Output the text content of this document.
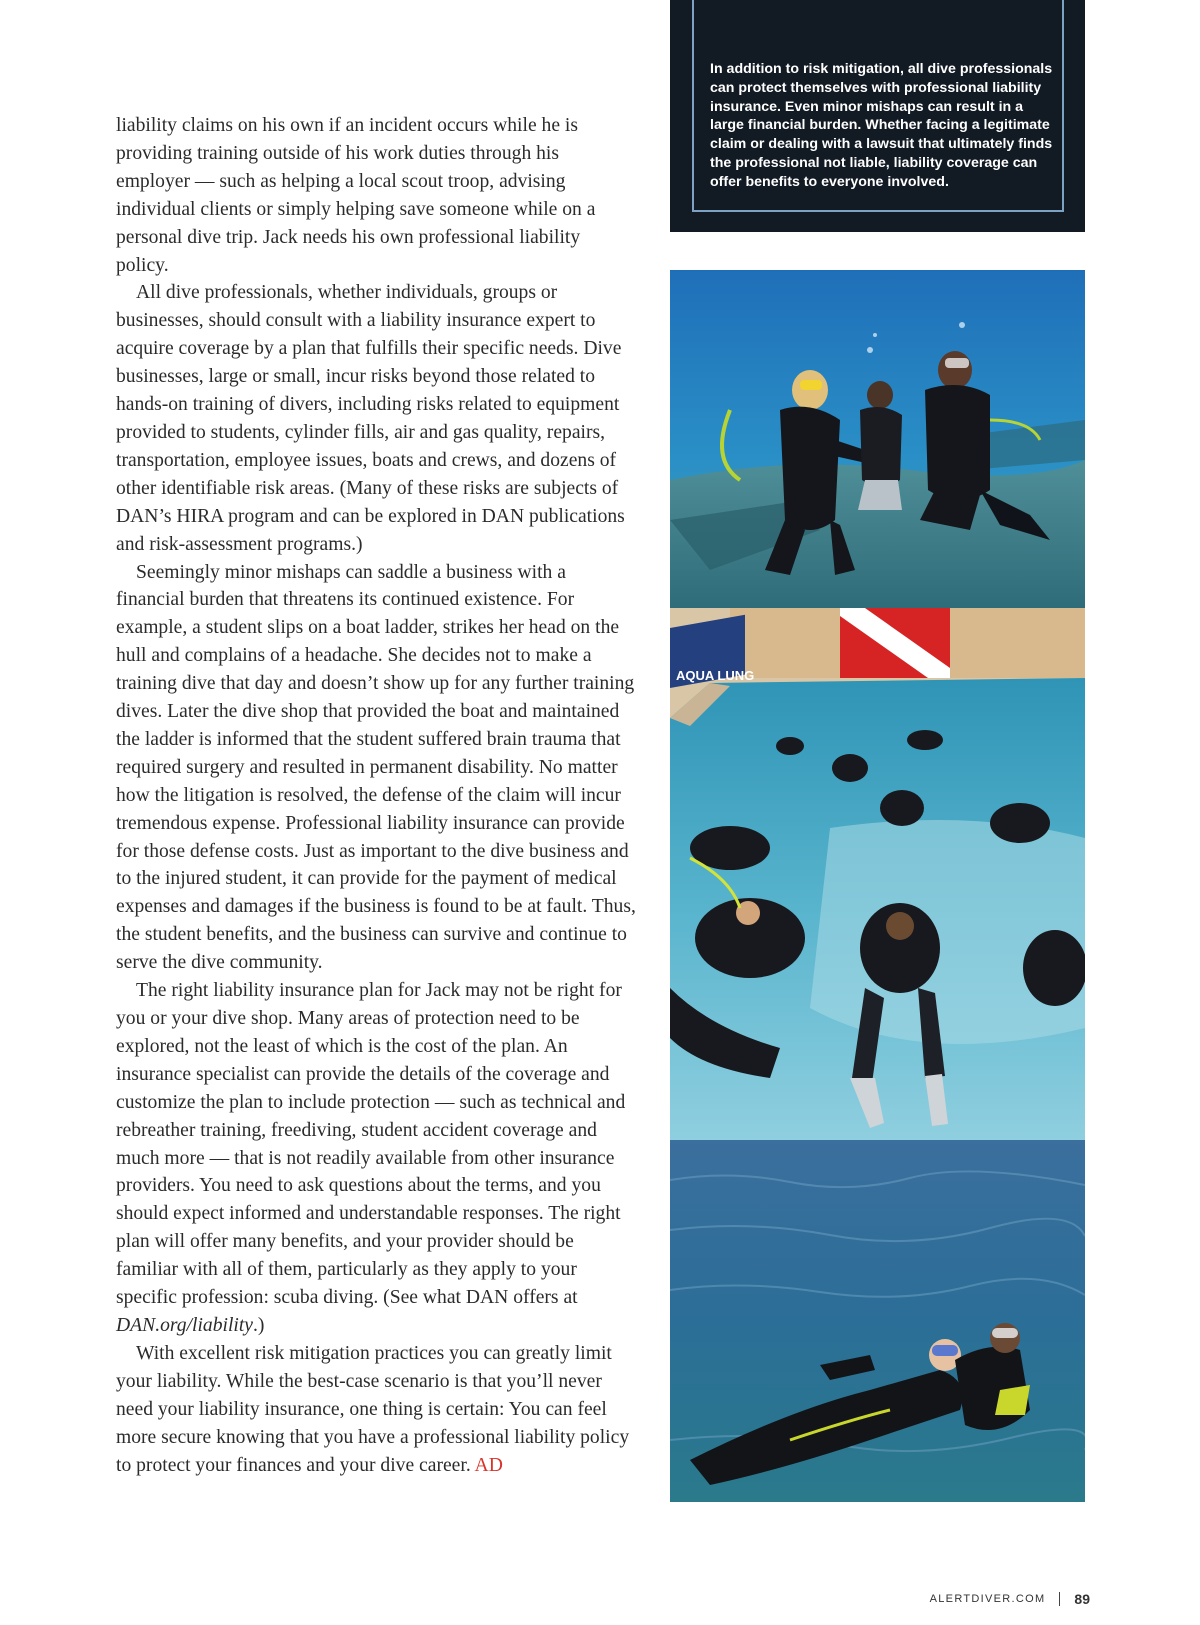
liability claims on his own if an incident occurs while he is providing training outside of his work duties through his employer — such as helping a local scout troop, advising individual clients or simply helping save someone while on a personal dive trip. Jack needs his own professional liability policy.

All dive professionals, whether individuals, groups or businesses, should consult with a liability insurance expert to acquire coverage by a plan that fulfills their specific needs. Dive businesses, large or small, incur risks beyond those related to hands-on training of divers, including risks related to equipment provided to students, cylinder fills, air and gas quality, repairs, transportation, employee issues, boats and crews, and dozens of other identifiable risk areas. (Many of these risks are subjects of DAN’s HIRA program and can be explored in DAN publications and risk-assessment programs.)

Seemingly minor mishaps can saddle a business with a financial burden that threatens its continued existence. For example, a student slips on a boat ladder, strikes her head on the hull and complains of a headache. She decides not to make a training dive that day and doesn’t show up for any further training dives. Later the dive shop that provided the boat and maintained the ladder is informed that the student suffered brain trauma that required surgery and resulted in permanent disability. No matter how the litigation is resolved, the defense of the claim will incur tremendous expense. Professional liability insurance can provide for those defense costs. Just as important to the dive business and to the injured student, it can provide for the payment of medical expenses and damages if the business is found to be at fault. Thus, the student benefits, and the business can survive and continue to serve the dive community.

The right liability insurance plan for Jack may not be right for you or your dive shop. Many areas of protection need to be explored, not the least of which is the cost of the plan. An insurance specialist can provide the details of the coverage and customize the plan to include protection — such as technical and rebreather training, freediving, student accident coverage and much more — that is not readily available from other insurance providers. You need to ask questions about the terms, and you should expect informed and understandable responses. The right plan will offer many benefits, and your provider should be familiar with all of them, particularly as they apply to your specific profession: scuba diving. (See what DAN offers at DAN.org/liability.)

With excellent risk mitigation practices you can greatly limit your liability. While the best-case scenario is that you’ll never need your liability insurance, one thing is certain: You can feel more secure knowing that you have a professional liability policy to protect your finances and your dive career. AD

In addition to risk mitigation, all dive professionals can protect themselves with professional liability insurance. Even minor mishaps can result in a large financial burden. Whether facing a legitimate claim or dealing with a lawsuit that ultimately finds the professional not liable, liability coverage can offer benefits to everyone involved.
AQUA LUNG
ALERTDIVER.COM 89
